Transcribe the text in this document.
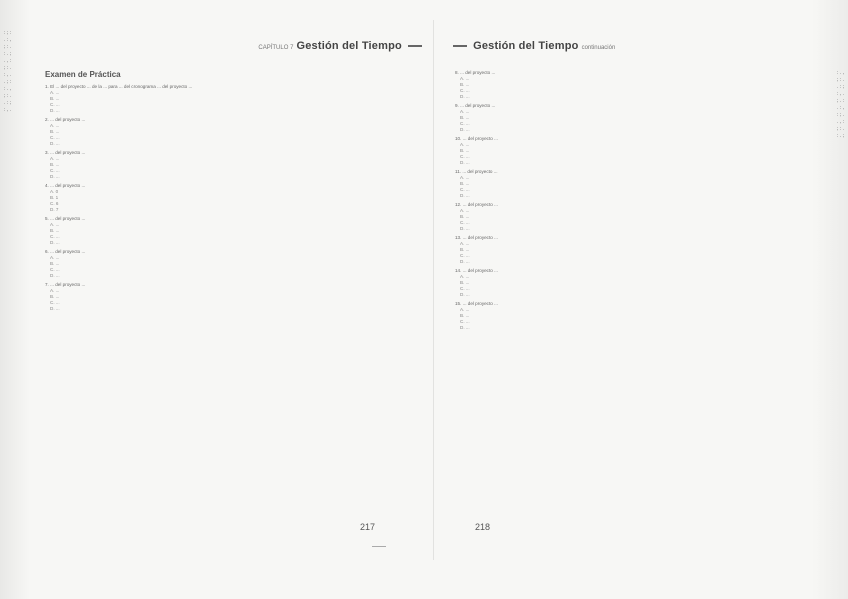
:;:
.:,
;:.
:.;
.,:
;:.
:,.
.;:
:.,
;:.
.:;
:,.
:.,
;:.
.:;
:,.
;.:
.:,
:;.
.,:
;:.
:.;
CAPÍTULO 7 Gestión del Tiempo
Examen de Práctica
1. El ... del proyecto ... de la ... para ... del cronograma ... del proyecto ...
A. ...
B. ...
C. ...
D. ...
2. ... del proyecto ...
A. ...
B. ...
C. ...
D. ...
3. ... del proyecto ...
A. ...
B. ...
C. ...
D. ...
4. ... del proyecto ...
A. 0
B. 1
C. 6
D. 7
5. ... del proyecto ...
A. ...
B. ...
C. ...
D. ...
6. ... del proyecto ...
A. ...
B. ...
C. ...
D. ...
7. ... del proyecto ...
A. ...
B. ...
C. ...
D. ...
217
Gestión del Tiempo continuación
8. ... del proyecto ...
A. ...
B. ...
C. ...
D. ...
9. ... del proyecto ...
A. ...
B. ...
C. ...
D. ...
10. ... del proyecto ...
A. ...
B. ...
C. ...
D. ...
11. ... del proyecto ...
A. ...
B. ...
C. ...
D. ...
12. ... del proyecto ...
A. ...
B. ...
C. ...
D. ...
13. ... del proyecto ...
A. ...
B. ...
C. ...
D. ...
14. ... del proyecto ...
A. ...
B. ...
C. ...
D. ...
15. ... del proyecto ...
A. ...
B. ...
C. ...
D. ...
218
